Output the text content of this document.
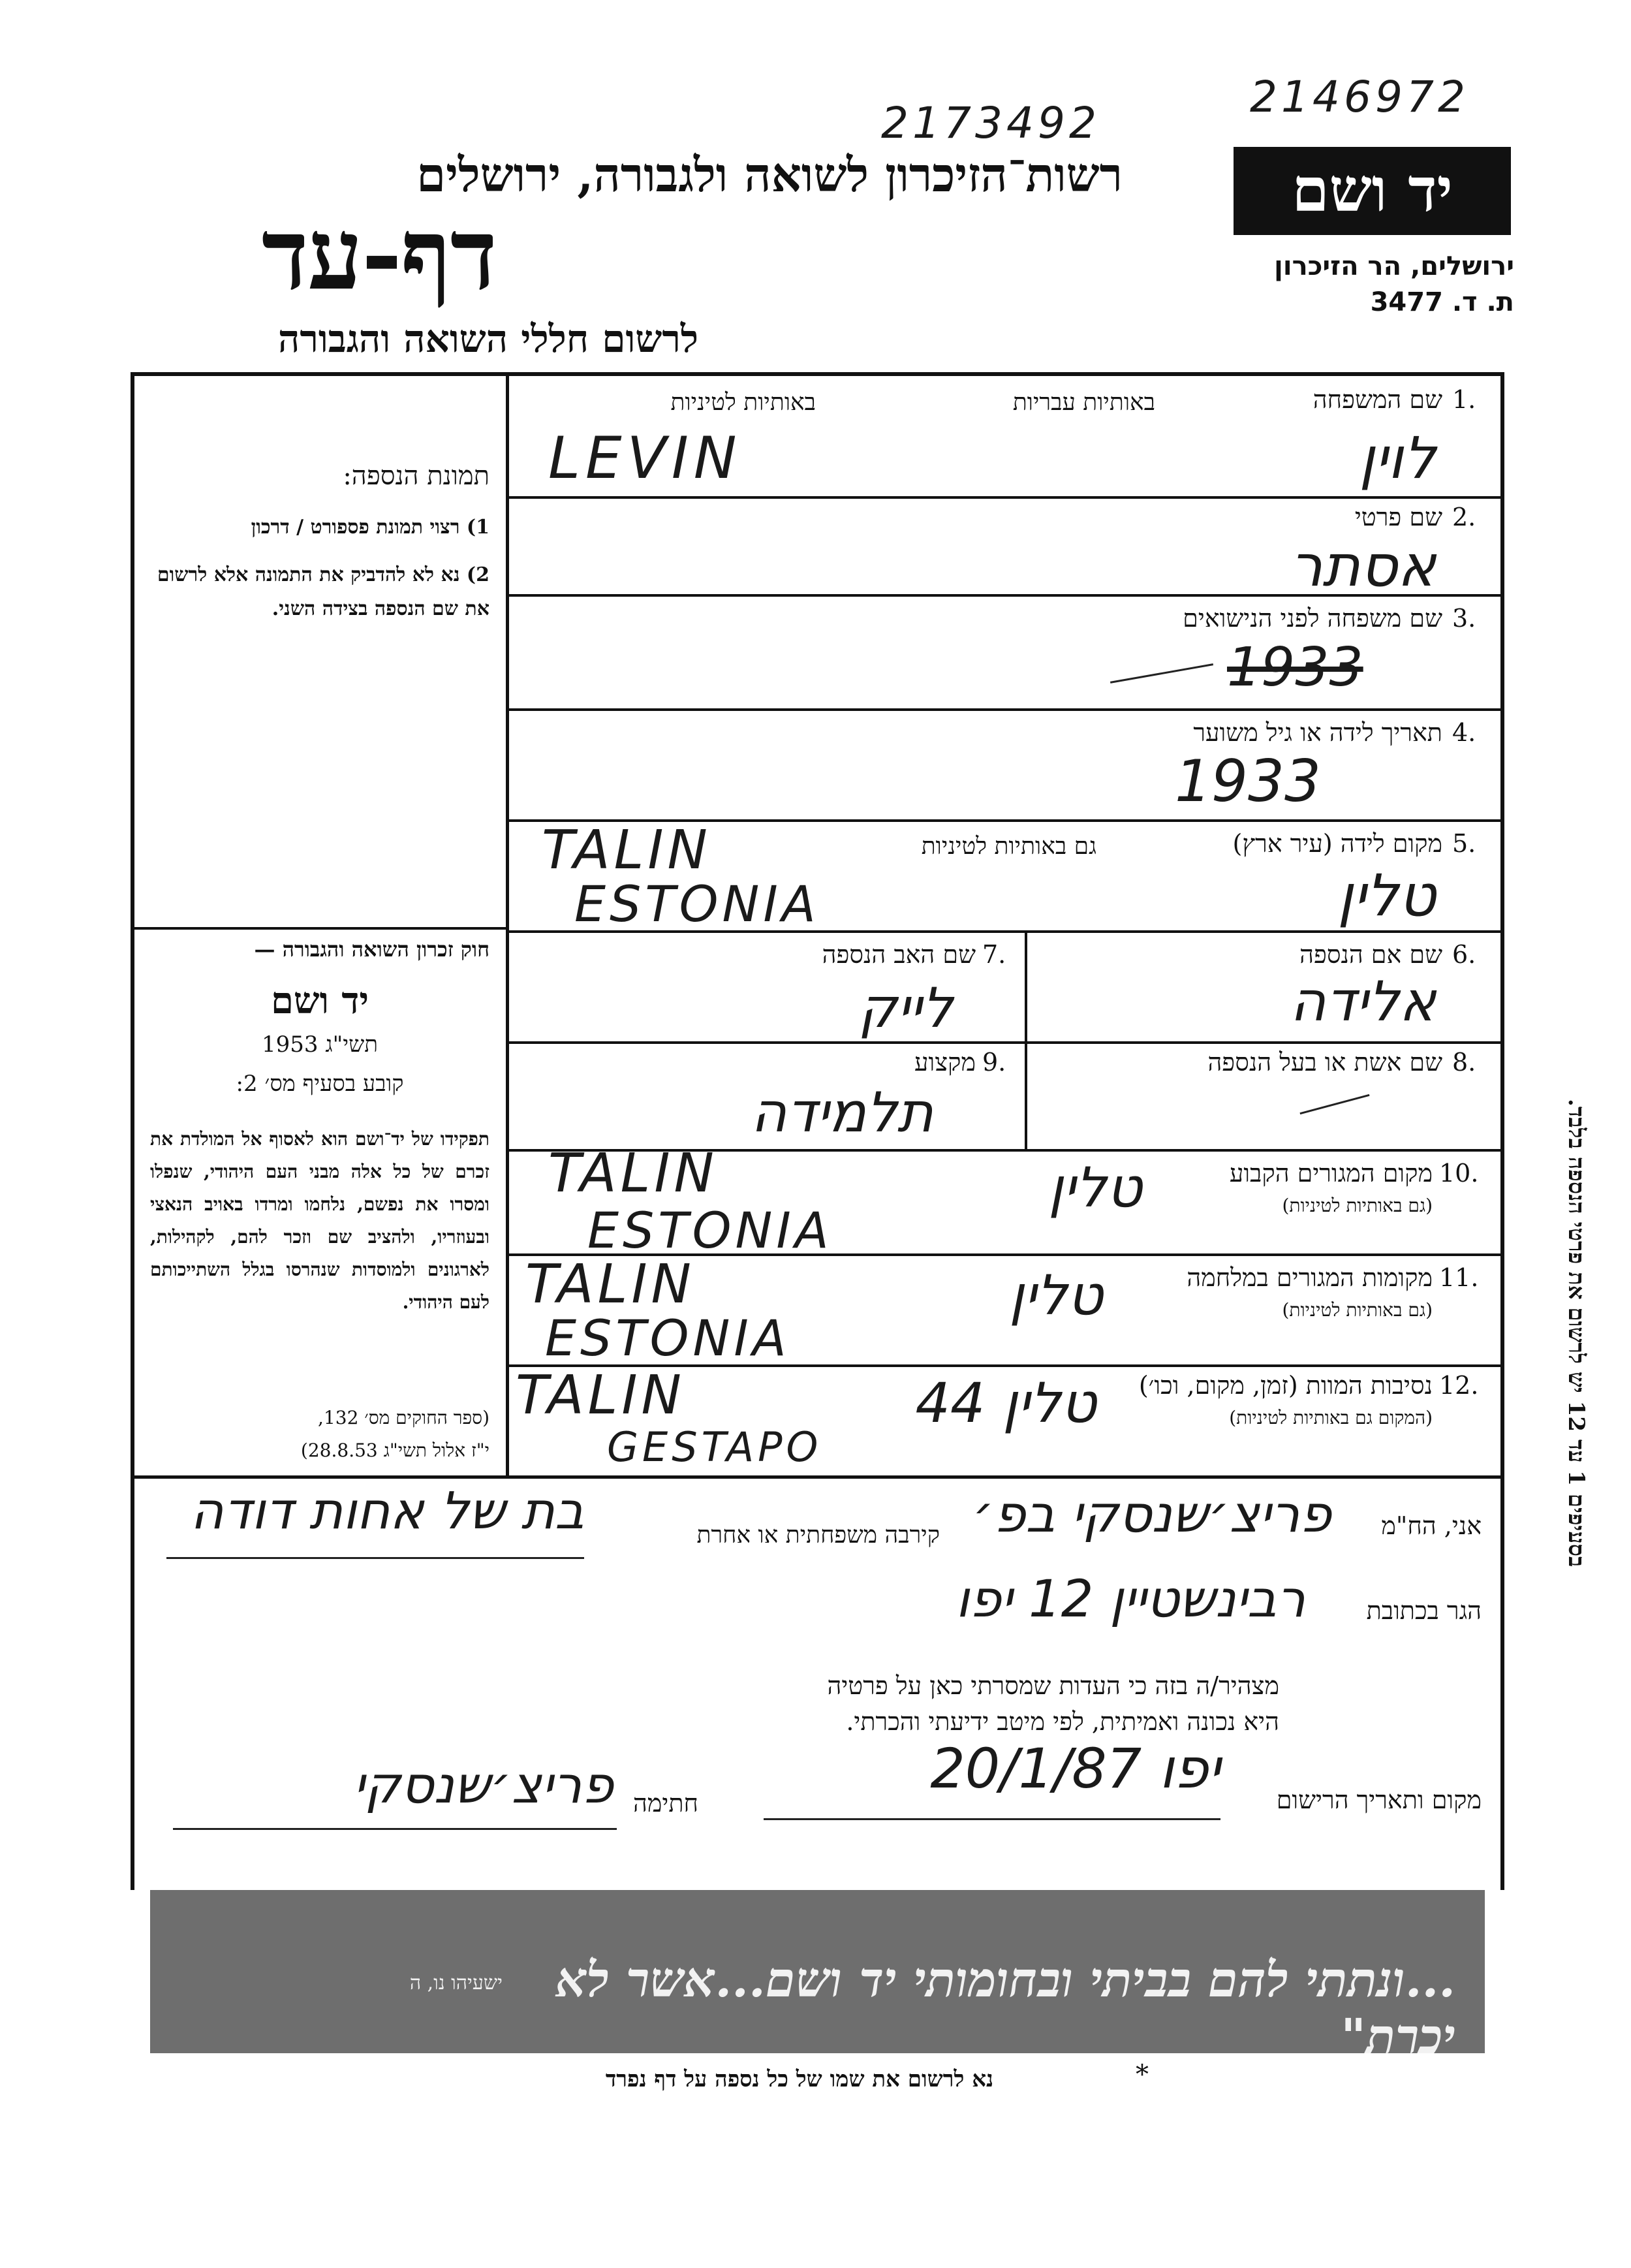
2173492
2146972
רשות־הזיכרון לשואה ולגבורה, ירושלים
דף-עד
לרשום חללי השואה והגבורה
יד ושם
ירושלים, הר הזיכרון
ת. ד. 3477
תמונת הנספה:
1) רצוי תמונת פספורט / דרכון
2) נא לא להדביק את התמונה אלא לרשום את שם הנספה בצידה השני.
חוק זכרון השואה והגבורה —
יד ושם
תשי"ג 1953
קובע בסעיף מס׳ 2:
תפקידו של יד־ושם הוא לאסוף אל המולדת את זכרם של כל אלה מבני העם היהודי, שנפלו ומסרו את נפשם, נלחמו ומרדו באויב הנאצי ובעוזריו, ולהציב שם וזכר להם, לקהילות, לארגונים ולמוסדות שנהרסו בגלל השתייכותם לעם היהודי.
(ספר החוקים מס׳ 132,
י"ז אלול תשי"ג 28.8.53)
בסעיפים 1 עד 12 יש לרשום את פרטי הנספה בלבד.
1.
שם המשפחה
באותיות עבריות
באותיות לטיניות
LEVIN	לוין
2.
שם פרטי
אסתר
3.
שם משפחה לפני הנישואים
1933
4.
תאריך לידה או גיל משוער
1933
5.
מקום לידה (עיר ארץ)
גם באותיות לטיניות
TALIN
ESTONIA	טלין
6.
שם אם הנספה
אלידה
7.
שם האב הנספה
לייק
8.
שם אשת או בעל הנספה
9.
מקצוע
תלמידה
10.
מקום המגורים הקבוע
(גם באותיות לטיניות)
TALIN
ESTONIA
טלין
11.
מקומות המגורים במלחמה
(גם באותיות לטיניות)
TALIN
ESTONIA
טלין
12.
נסיבות המוות (זמן, מקום, וכו׳)
(המקום גם באותיות לטיניות)
TALIN
GESTAPO
טלין 44
אני, הח"מ
פריצ׳שנסקי בפ׳
קירבה משפחתית או אחרת
בת של אחות דודה
הגר בכתובת
רבינשטיין 12 יפו
מצהיר/ה בזה כי העדות שמסרתי כאן על פרטיה
היא נכונה ואמיתית, לפי מיטב ידיעתי והכרתי.
מקום ותאריך הרישום
יפו 20/1/87
חתימה
פריצ׳שנסקי
...ונתתי להם בביתי ובחומותי יד ושם...אשר לא יכרת"
ישעיהו נו, ה
נא לרשום את שמו של כל נספה על דף נפרד	*
